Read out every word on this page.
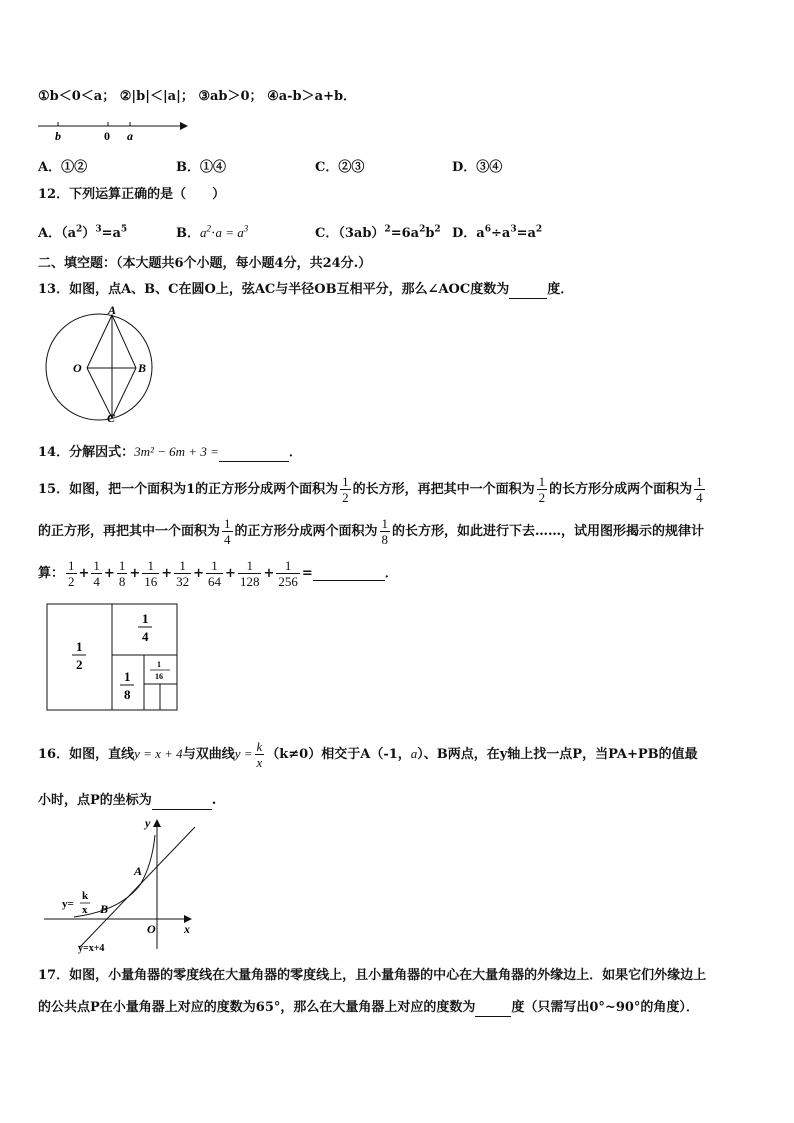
①b＜0＜a； ②|b|＜|a|； ③ab＞0； ④a-b＞a+b．
b	0 a
A．①②	B．①④	C．②③	D．③④
12．下列运算正确的是（　　）
A．$(a^2)^3=a^5$	B．$a^2\cdot a = a^3$	C．$(3ab)^2=6a^2b^2$ D．$a^6\div a^3=a^2$
二、填空题：（本大题共6个小题，每小题4分，共24分.）
13．如图，点A、B、C在圆O上，弦AC与半径OB互相平分，那么∠AOC度数为	度．
A
O	B
C
14．分解因式：3m² − 6m + 3 =	．
15．如图，把一个面积为1的正方形分成两个面积为 $\frac{1}{2}$ 的长方形，再把其中一个面积为 $\frac{1}{2}$ 的长方形分成两个面积为 $\frac{1}{4}$
的正方形，再把其中一个面积为 $\frac{1}{4}$ 的正方形分成两个面积为 $\frac{1}{8}$ 的长方形，如此进行下去……，试用图形揭示的规律计
算： $\frac{1}{2} + \frac{1}{4} + \frac{1}{8} + \frac{1}{16} + \frac{1}{32} + \frac{1}{64} + \frac{1}{128} + \frac{1}{256}$ =	．
1
2
1
4
1
8
1
16
16．如图，直线y = x + 4与双曲线$y = \frac{k}{x} (k\ne 0)$相交于A（-1，a）、B两点，在y轴上找一点P，当PA+PB的值最
小时，点P的坐标为	.
y
x
O
A
B
y=
k
x
y=x+4
17．如图，小量角器的零度线在大量角器的零度线上，且小量角器的中心在大量角器的外缘边上．如果它们外缘边上
的公共点P在小量角器上对应的度数为65°，那么在大量角器上对应的度数为	度（只需写出0°~90°的角度）．
